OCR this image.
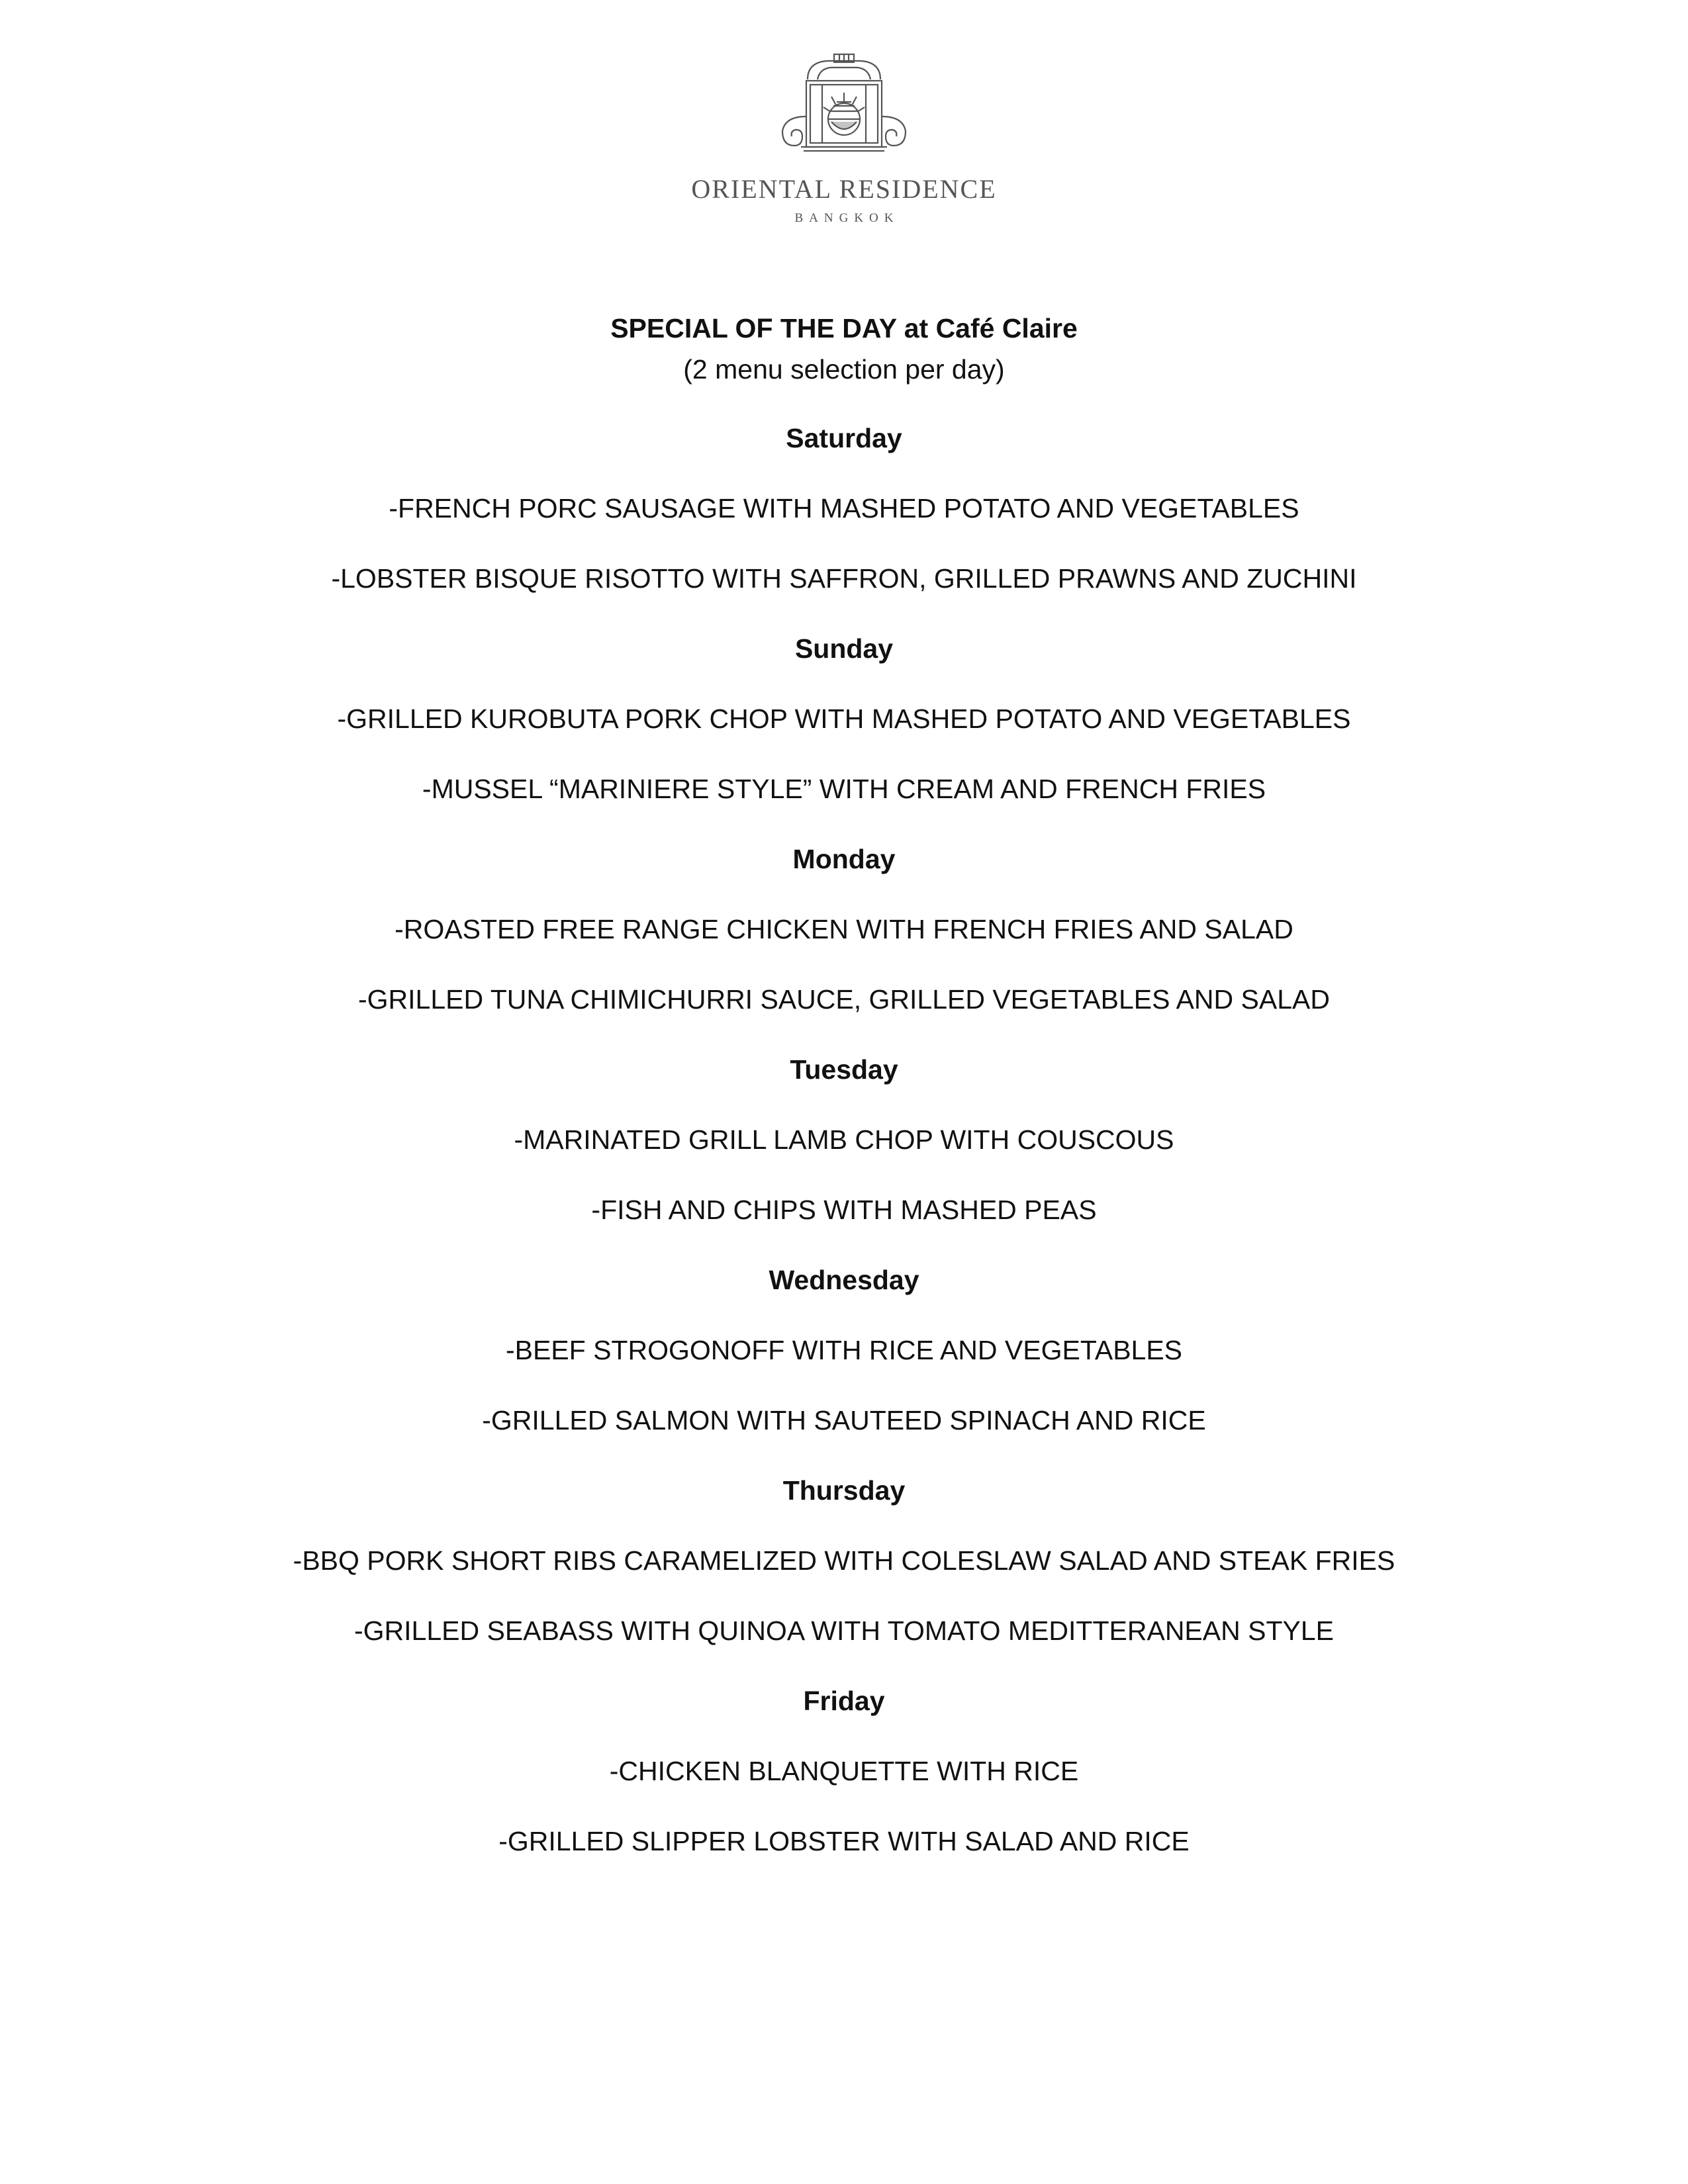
ORIENTAL RESIDENCE
BANGKOK

SPECIAL OF THE DAY at Café Claire

(2 menu selection per day)

Saturday

-FRENCH PORC SAUSAGE WITH MASHED POTATO AND VEGETABLES

-LOBSTER BISQUE RISOTTO WITH SAFFRON, GRILLED PRAWNS AND ZUCHINI

Sunday

-GRILLED KUROBUTA PORK CHOP WITH MASHED POTATO AND VEGETABLES

-MUSSEL “MARINIERE STYLE” WITH CREAM AND FRENCH FRIES

Monday

-ROASTED FREE RANGE CHICKEN WITH FRENCH FRIES AND SALAD

-GRILLED TUNA CHIMICHURRI SAUCE, GRILLED VEGETABLES AND SALAD

Tuesday

-MARINATED GRILL LAMB CHOP WITH COUSCOUS

-FISH AND CHIPS WITH MASHED PEAS

Wednesday

-BEEF STROGONOFF WITH RICE AND VEGETABLES

-GRILLED SALMON WITH SAUTEED SPINACH AND RICE

Thursday

-BBQ PORK SHORT RIBS CARAMELIZED WITH COLESLAW SALAD AND STEAK FRIES

-GRILLED SEABASS WITH QUINOA WITH TOMATO MEDITTERANEAN STYLE

Friday

-CHICKEN BLANQUETTE WITH RICE

-GRILLED SLIPPER LOBSTER WITH SALAD AND RICE
